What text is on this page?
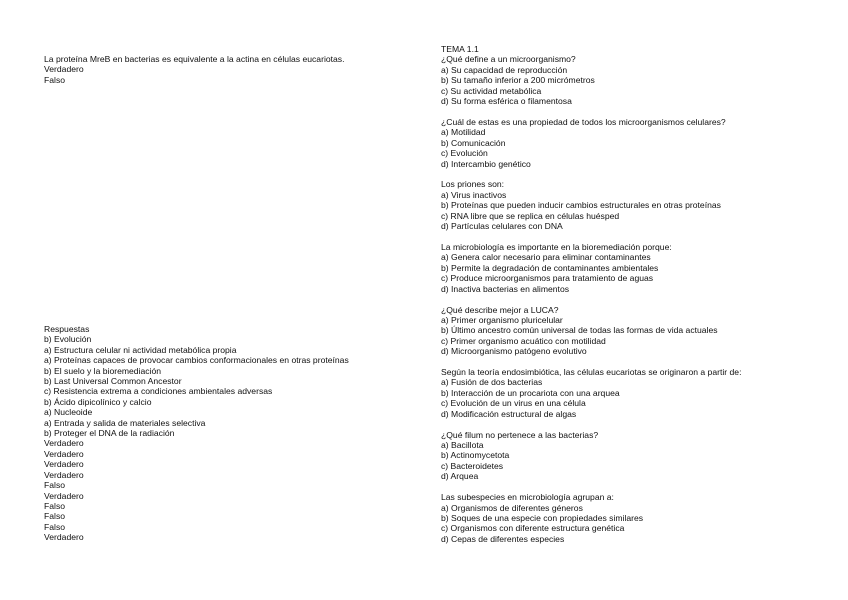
La proteína MreB en bacterias es equivalente a la actina en células eucariotas.
Verdadero
Falso
Respuestas
b) Evolución
a) Estructura celular ni actividad metabólica propia
a) Proteínas capaces de provocar cambios conformacionales en otras proteínas
b) El suelo y la bioremediación
b) Last Universal Common Ancestor
c) Resistencia extrema a condiciones ambientales adversas
b) Ácido dipicolínico y calcio
a) Nucleoide
a) Entrada y salida de materiales selectiva
b) Proteger el DNA de la radiación
Verdadero
Verdadero
Verdadero
Verdadero
Falso
Verdadero
Falso
Falso
Falso
Verdadero
TEMA 1.1
¿Qué define a un microorganismo?
a) Su capacidad de reproducción
b) Su tamaño inferior a 200 micrómetros
c) Su actividad metabólica
d) Su forma esférica o filamentosa
¿Cuál de estas es una propiedad de todos los microorganismos celulares?
a) Motilidad
b) Comunicación
c) Evolución
d) Intercambio genético
Los priones son:
a) Virus inactivos
b) Proteínas que pueden inducir cambios estructurales en otras proteínas
c) RNA libre que se replica en células huésped
d) Partículas celulares con DNA
La microbiología es importante en la bioremediación porque:
a) Genera calor necesario para eliminar contaminantes
b) Permite la degradación de contaminantes ambientales
c) Produce microorganismos para tratamiento de aguas
d) Inactiva bacterias en alimentos
¿Qué describe mejor a LUCA?
a) Primer organismo pluricelular
b) Último ancestro común universal de todas las formas de vida actuales
c) Primer organismo acuático con motilidad
d) Microorganismo patógeno evolutivo
Según la teoría endosimbiótica, las células eucariotas se originaron a partir de:
a) Fusión de dos bacterias
b) Interacción de un procariota con una arquea
c) Evolución de un virus en una célula
d) Modificación estructural de algas
¿Qué filum no pertenece a las bacterias?
a) Bacillota
b) Actinomycetota
c) Bacteroidetes
d) Arquea
Las subespecies en microbiología agrupan a:
a) Organismos de diferentes géneros
b) Soques de una especie con propiedades similares
c) Organismos con diferente estructura genética
d) Cepas de diferentes especies
